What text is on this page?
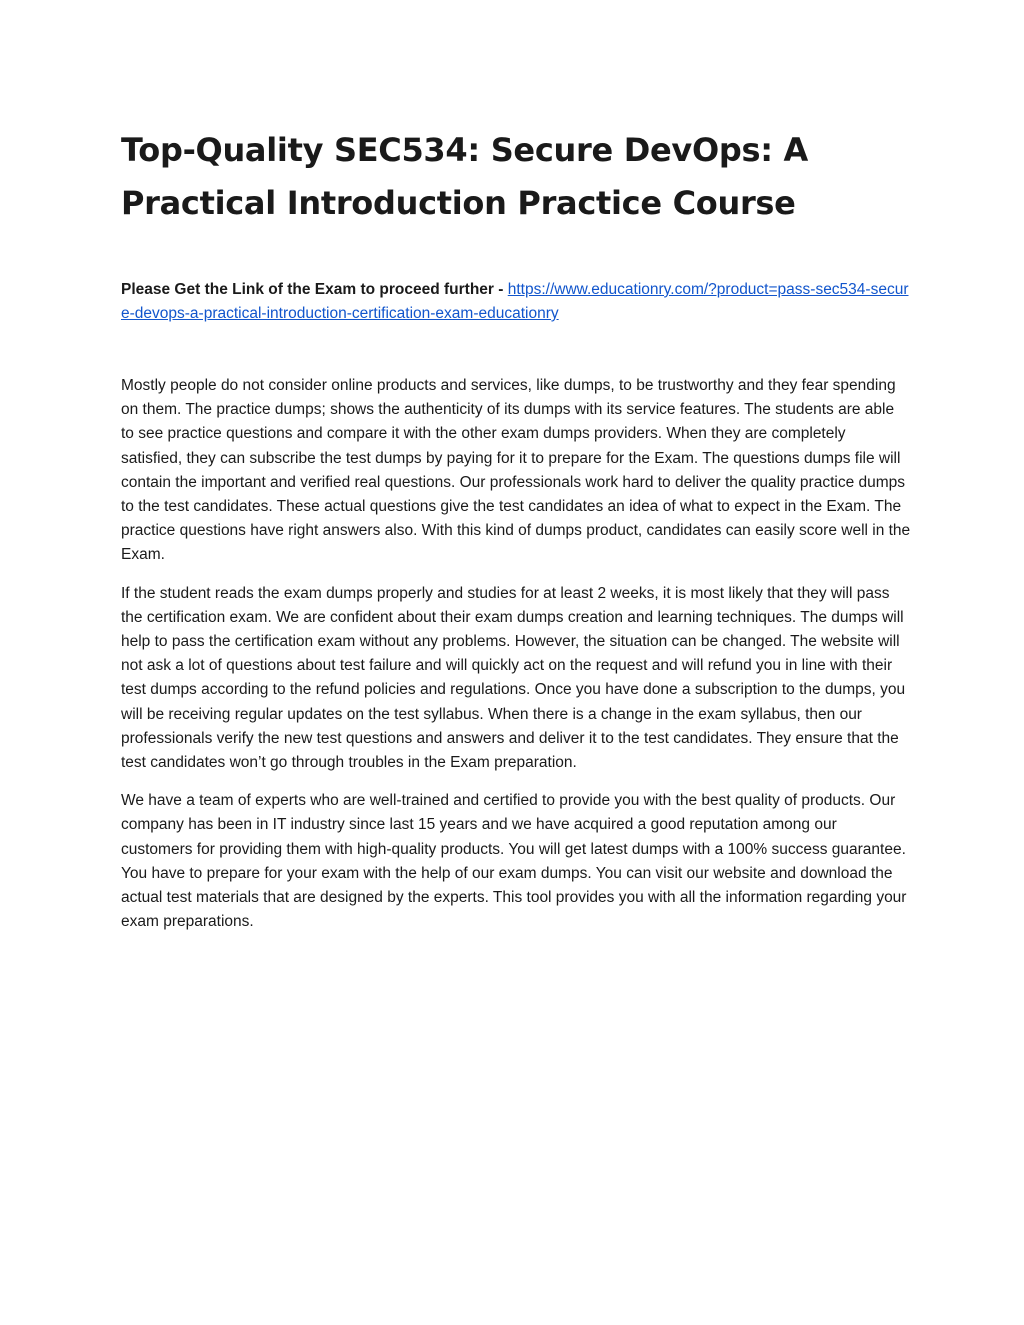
Top-Quality SEC534: Secure DevOps: A Practical Introduction Practice Course
Please Get the Link of the Exam to proceed further - https://www.educationry.com/?product=pass-sec534-secure-devops-a-practical-introduction-certification-exam-educationry

Mostly people do not consider online products and services, like dumps, to be trustworthy and they fear spending on them. The practice dumps; shows the authenticity of its dumps with its service features. The students are able to see practice questions and compare it with the other exam dumps providers. When they are completely satisfied, they can subscribe the test dumps by paying for it to prepare for the Exam. The questions dumps file will contain the important and verified real questions. Our professionals work hard to deliver the quality practice dumps to the test candidates. These actual questions give the test candidates an idea of what to expect in the Exam. The practice questions have right answers also. With this kind of dumps product, candidates can easily score well in the Exam.

If the student reads the exam dumps properly and studies for at least 2 weeks, it is most likely that they will pass the certification exam. We are confident about their exam dumps creation and learning techniques. The dumps will help to pass the certification exam without any problems. However, the situation can be changed. The website will not ask a lot of questions about test failure and will quickly act on the request and will refund you in line with their test dumps according to the refund policies and regulations. Once you have done a subscription to the dumps, you will be receiving regular updates on the test syllabus. When there is a change in the exam syllabus, then our professionals verify the new test questions and answers and deliver it to the test candidates. They ensure that the test candidates won’t go through troubles in the Exam preparation.

We have a team of experts who are well-trained and certified to provide you with the best quality of products. Our company has been in IT industry since last 15 years and we have acquired a good reputation among our customers for providing them with high-quality products. You will get latest dumps with a 100% success guarantee. You have to prepare for your exam with the help of our exam dumps. You can visit our website and download the actual test materials that are designed by the experts. This tool provides you with all the information regarding your exam preparations.
